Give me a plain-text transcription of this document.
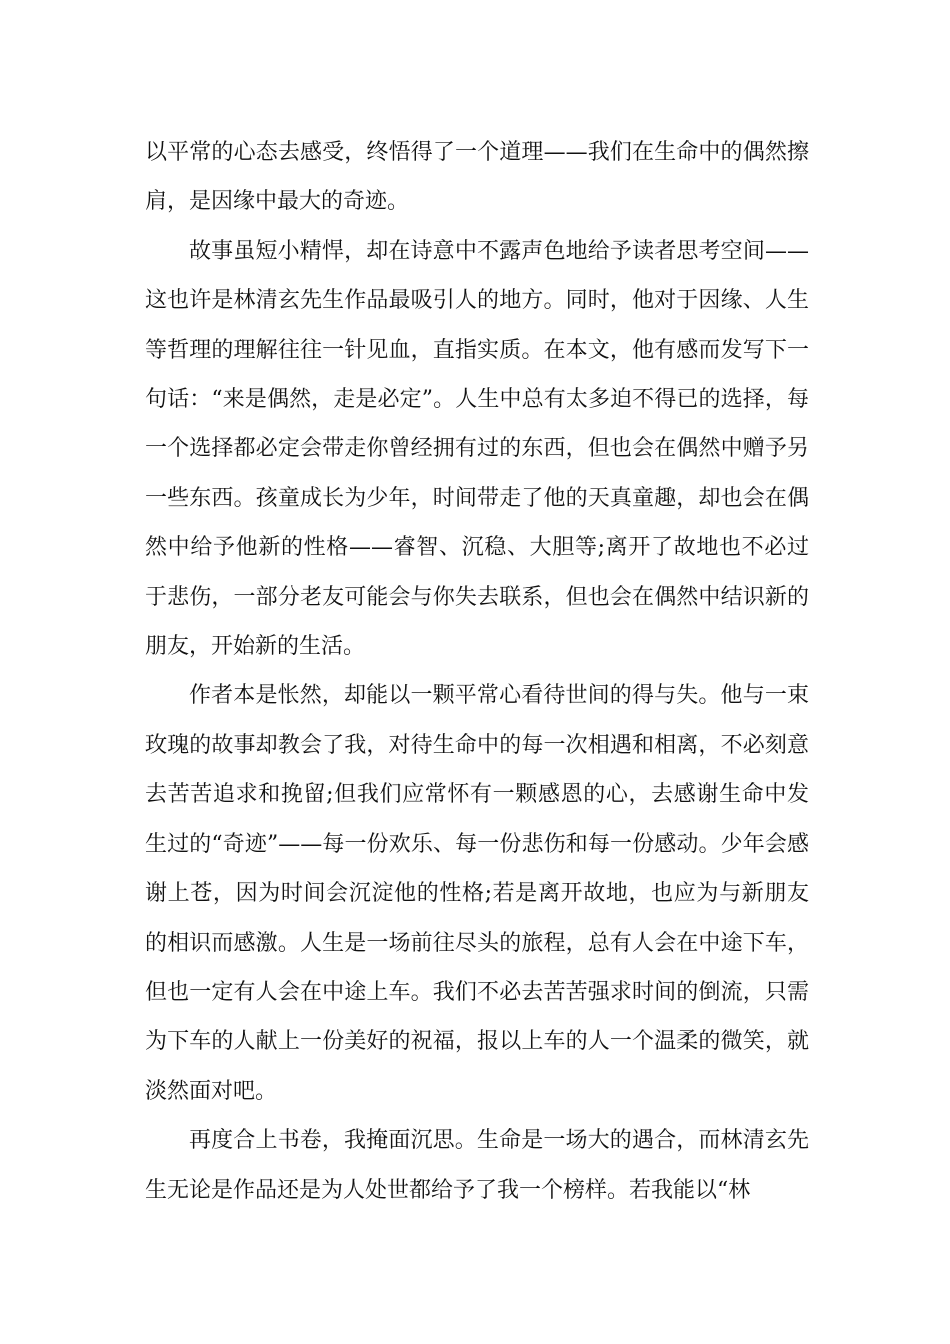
以平常的心态去感受，终悟得了一个道理——我们在生命中的偶然擦肩，是因缘中最大的奇迹。

故事虽短小精悍，却在诗意中不露声色地给予读者思考空间——这也许是林清玄先生作品最吸引人的地方。同时，他对于因缘、人生等哲理的理解往往一针见血，直指实质。在本文，他有感而发写下一句话：“来是偶然，走是必定”。人生中总有太多迫不得已的选择，每一个选择都必定会带走你曾经拥有过的东西，但也会在偶然中赠予另一些东西。孩童成长为少年，时间带走了他的天真童趣，却也会在偶然中给予他新的性格——睿智、沉稳、大胆等;离开了故地也不必过于悲伤，一部分老友可能会与你失去联系，但也会在偶然中结识新的朋友，开始新的生活。

作者本是怅然，却能以一颗平常心看待世间的得与失。他与一束玫瑰的故事却教会了我，对待生命中的每一次相遇和相离，不必刻意去苦苦追求和挽留;但我们应常怀有一颗感恩的心，去感谢生命中发生过的“奇迹”——每一份欢乐、每一份悲伤和每一份感动。少年会感谢上苍，因为时间会沉淀他的性格;若是离开故地，也应为与新朋友的相识而感激。人生是一场前往尽头的旅程，总有人会在中途下车，但也一定有人会在中途上车。我们不必去苦苦强求时间的倒流，只需为下车的人献上一份美好的祝福，报以上车的人一个温柔的微笑，就淡然面对吧。

再度合上书卷，我掩面沉思。生命是一场大的遇合，而林清玄先生无论是作品还是为人处世都给予了我一个榜样。若我能以“林
